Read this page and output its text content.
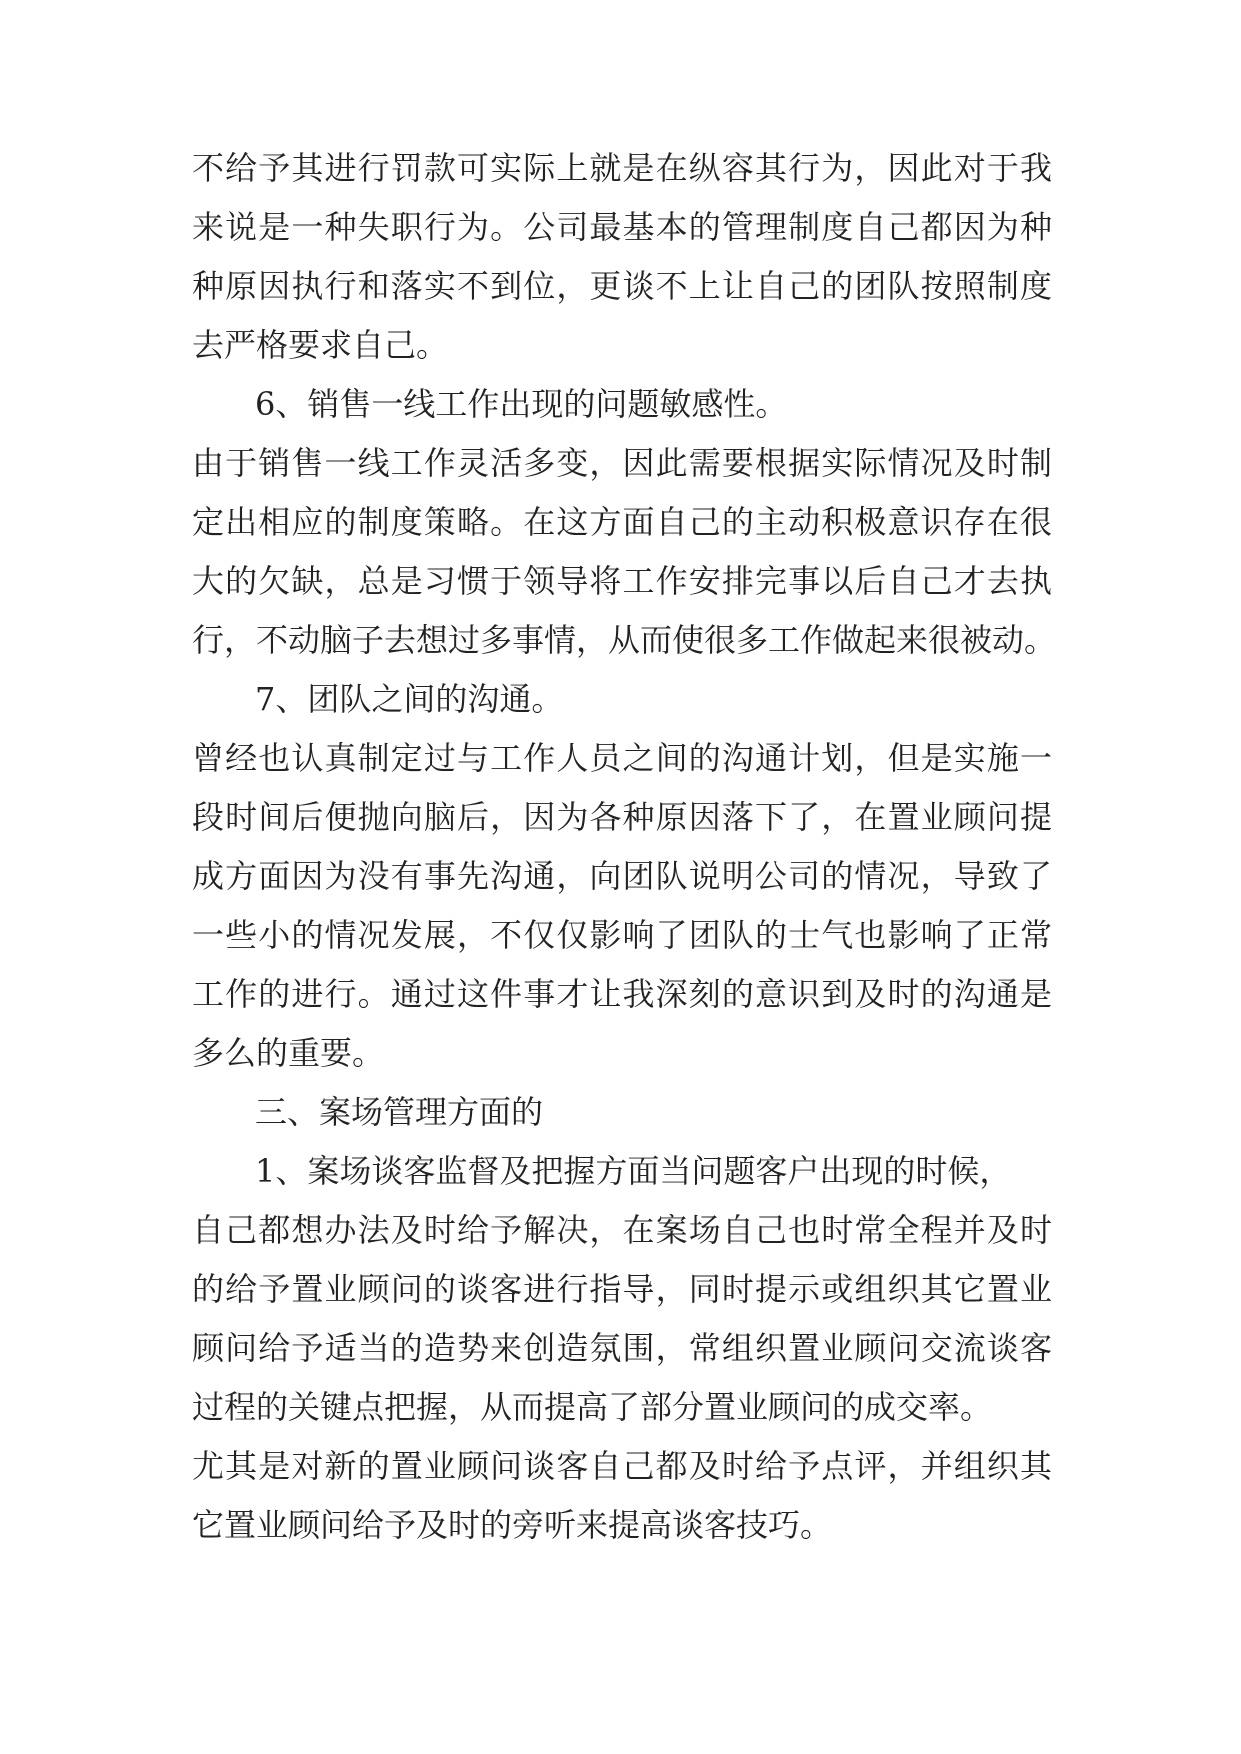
不给予其进行罚款可实际上就是在纵容其行为，因此对于我
来说是一种失职行为。公司最基本的管理制度自己都因为种
种原因执行和落实不到位，更谈不上让自己的团队按照制度
去严格要求自己。
6、销售一线工作出现的问题敏感性。
由于销售一线工作灵活多变，因此需要根据实际情况及时制
定出相应的制度策略。在这方面自己的主动积极意识存在很
大的欠缺，总是习惯于领导将工作安排完事以后自己才去执
行，不动脑子去想过多事情，从而使很多工作做起来很被动。
7、团队之间的沟通。
曾经也认真制定过与工作人员之间的沟通计划，但是实施一
段时间后便抛向脑后，因为各种原因落下了，在置业顾问提
成方面因为没有事先沟通，向团队说明公司的情况，导致了
一些小的情况发展，不仅仅影响了团队的士气也影响了正常
工作的进行。通过这件事才让我深刻的意识到及时的沟通是
多么的重要。
三、案场管理方面的
1、案场谈客监督及把握方面当问题客户出现的时候，
自己都想办法及时给予解决，在案场自己也时常全程并及时
的给予置业顾问的谈客进行指导，同时提示或组织其它置业
顾问给予适当的造势来创造氛围，常组织置业顾问交流谈客
过程的关键点把握，从而提高了部分置业顾问的成交率。
尤其是对新的置业顾问谈客自己都及时给予点评，并组织其
它置业顾问给予及时的旁听来提高谈客技巧。
